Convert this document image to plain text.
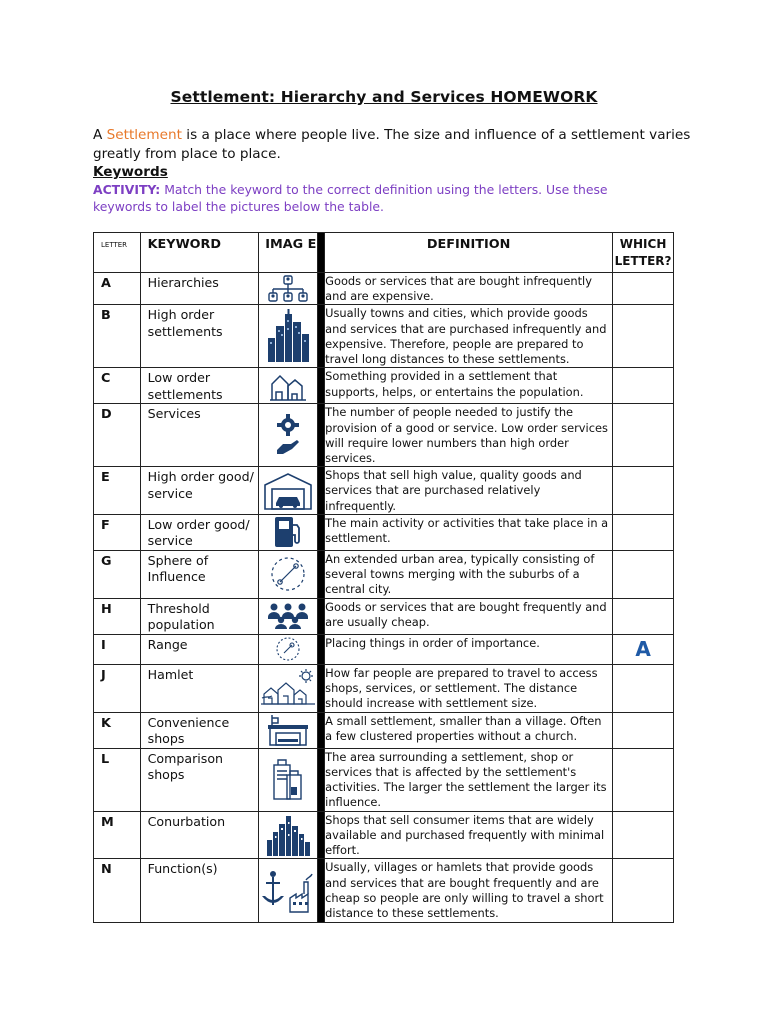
Settlement: Hierarchy and Services HOMEWORK
A Settlement is a place where people live. The size and influence of a settlement varies greatly from place to place.
Keywords
ACTIVITY: Match the keyword to the correct definition using the letters. Use these keywords to label the pictures below the table.
LETTER	KEYWORD	IMAG E		DEFINITION	WHICH LETTER?
A	Hierarchies			Goods or services that are bought infrequently and are expensive.	
B	High order settlements			Usually towns and cities, which provide goods and services that are purchased infrequently and expensive. Therefore, people are prepared to travel long distances to these settlements.	
C	Low order settlements			Something provided in a settlement that supports, helps, or entertains the population.	
D	Services			The number of people needed to justify the provision of a good or service. Low order services will require lower numbers than high order services.	
E	High order good/ service			Shops that sell high value, quality goods and services that are purchased relatively infrequently.	
F	Low order good/ service			The main activity or activities that take place in a settlement.	
G	Sphere of Influence			An extended urban area, typically consisting of several towns merging with the suburbs of a central city.	
H	Threshold population			Goods or services that are bought frequently and are usually cheap.	
I	Range			Placing things in order of importance.	A
J	Hamlet			How far people are prepared to travel to access shops, services, or settlement. The distance should increase with settlement size.	
K	Convenience shops			A small settlement, smaller than a village. Often a few clustered properties without a church.	
L	Comparison shops			The area surrounding a settlement, shop or services that is affected by the settlement's activities. The larger the settlement the larger its influence.	
M	Conurbation			Shops that sell consumer items that are widely available and purchased frequently with minimal effort.	
N	Function(s)			Usually, villages or hamlets that provide goods and services that are bought frequently and are cheap so people are only willing to travel a short distance to these settlements.	
